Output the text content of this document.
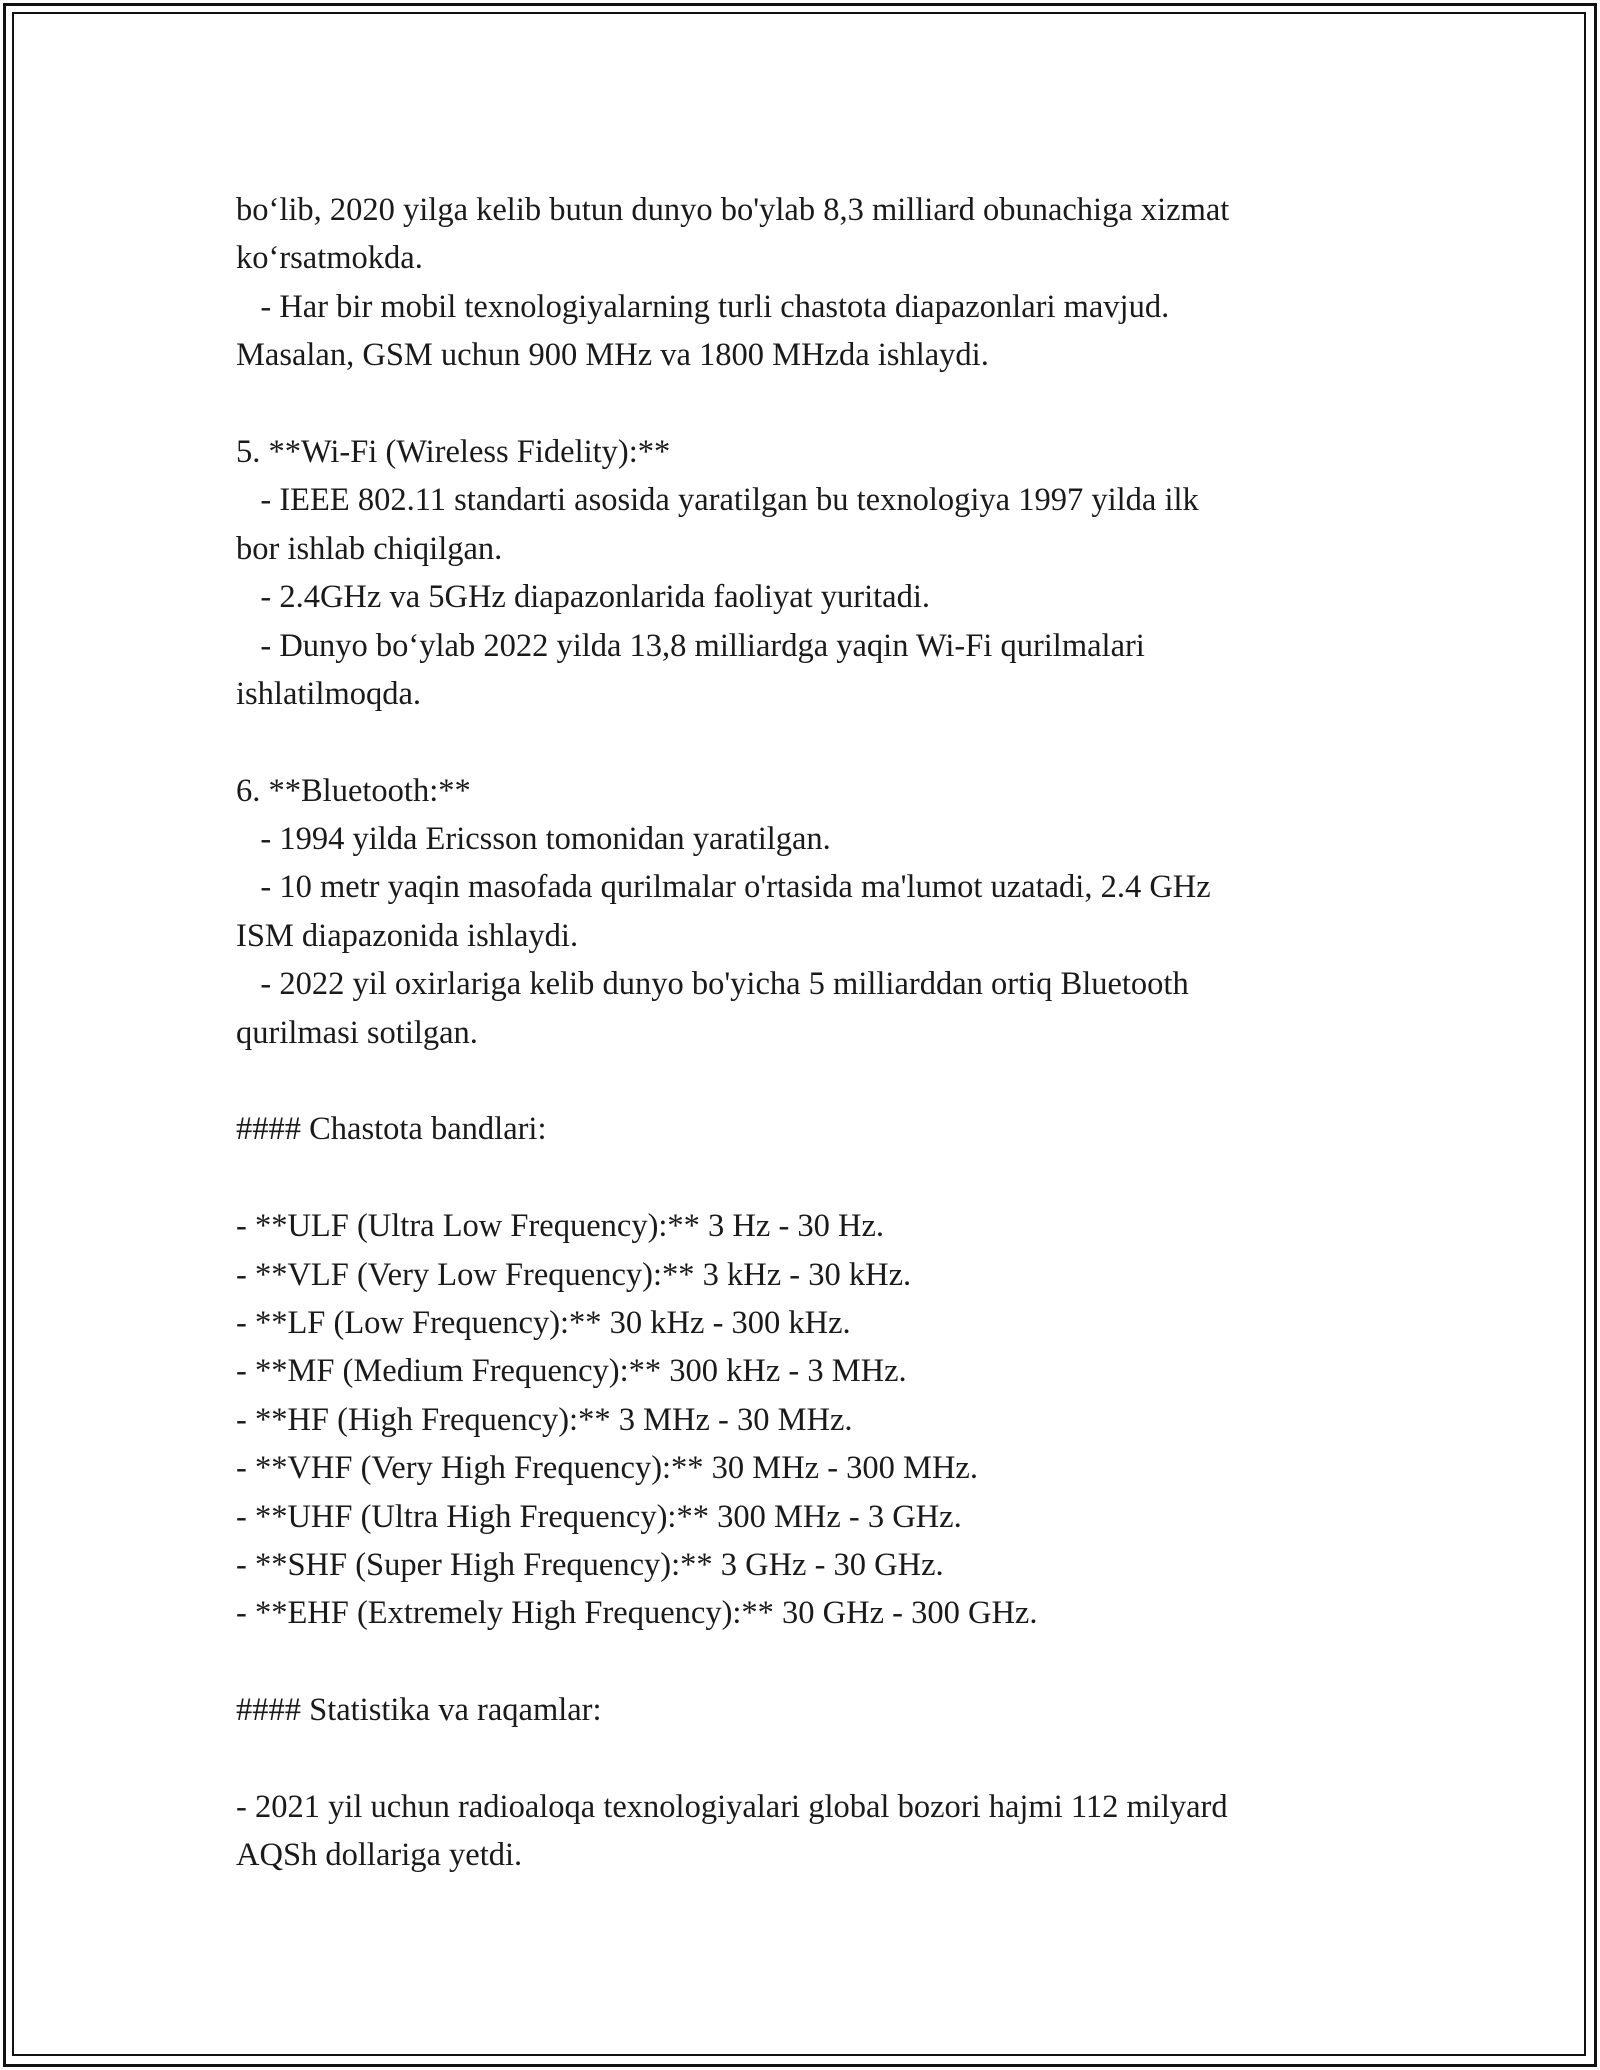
bo‘lib, 2020 yilga kelib butun dunyo bo'ylab 8,3 milliard obunachiga xizmat
ko‘rsatmokda.
- Har bir mobil texnologiyalarning turli chastota diapazonlari mavjud.
Masalan, GSM uchun 900 MHz va 1800 MHzda ishlaydi.
5. **Wi-Fi (Wireless Fidelity):**
- IEEE 802.11 standarti asosida yaratilgan bu texnologiya 1997 yilda ilk
bor ishlab chiqilgan.
- 2.4GHz va 5GHz diapazonlarida faoliyat yuritadi.
- Dunyo bo‘ylab 2022 yilda 13,8 milliardga yaqin Wi-Fi qurilmalari
ishlatilmoqda.
6. **Bluetooth:**
- 1994 yilda Ericsson tomonidan yaratilgan.
- 10 metr yaqin masofada qurilmalar o'rtasida ma'lumot uzatadi, 2.4 GHz
ISM diapazonida ishlaydi.
- 2022 yil oxirlariga kelib dunyo bo'yicha 5 milliarddan ortiq Bluetooth
qurilmasi sotilgan.
#### Chastota bandlari:
- **ULF (Ultra Low Frequency):** 3 Hz - 30 Hz.
- **VLF (Very Low Frequency):** 3 kHz - 30 kHz.
- **LF (Low Frequency):** 30 kHz - 300 kHz.
- **MF (Medium Frequency):** 300 kHz - 3 MHz.
- **HF (High Frequency):** 3 MHz - 30 MHz.
- **VHF (Very High Frequency):** 30 MHz - 300 MHz.
- **UHF (Ultra High Frequency):** 300 MHz - 3 GHz.
- **SHF (Super High Frequency):** 3 GHz - 30 GHz.
- **EHF (Extremely High Frequency):** 30 GHz - 300 GHz.
#### Statistika va raqamlar:
- 2021 yil uchun radioaloqa texnologiyalari global bozori hajmi 112 milyard
AQSh dollariga yetdi.
